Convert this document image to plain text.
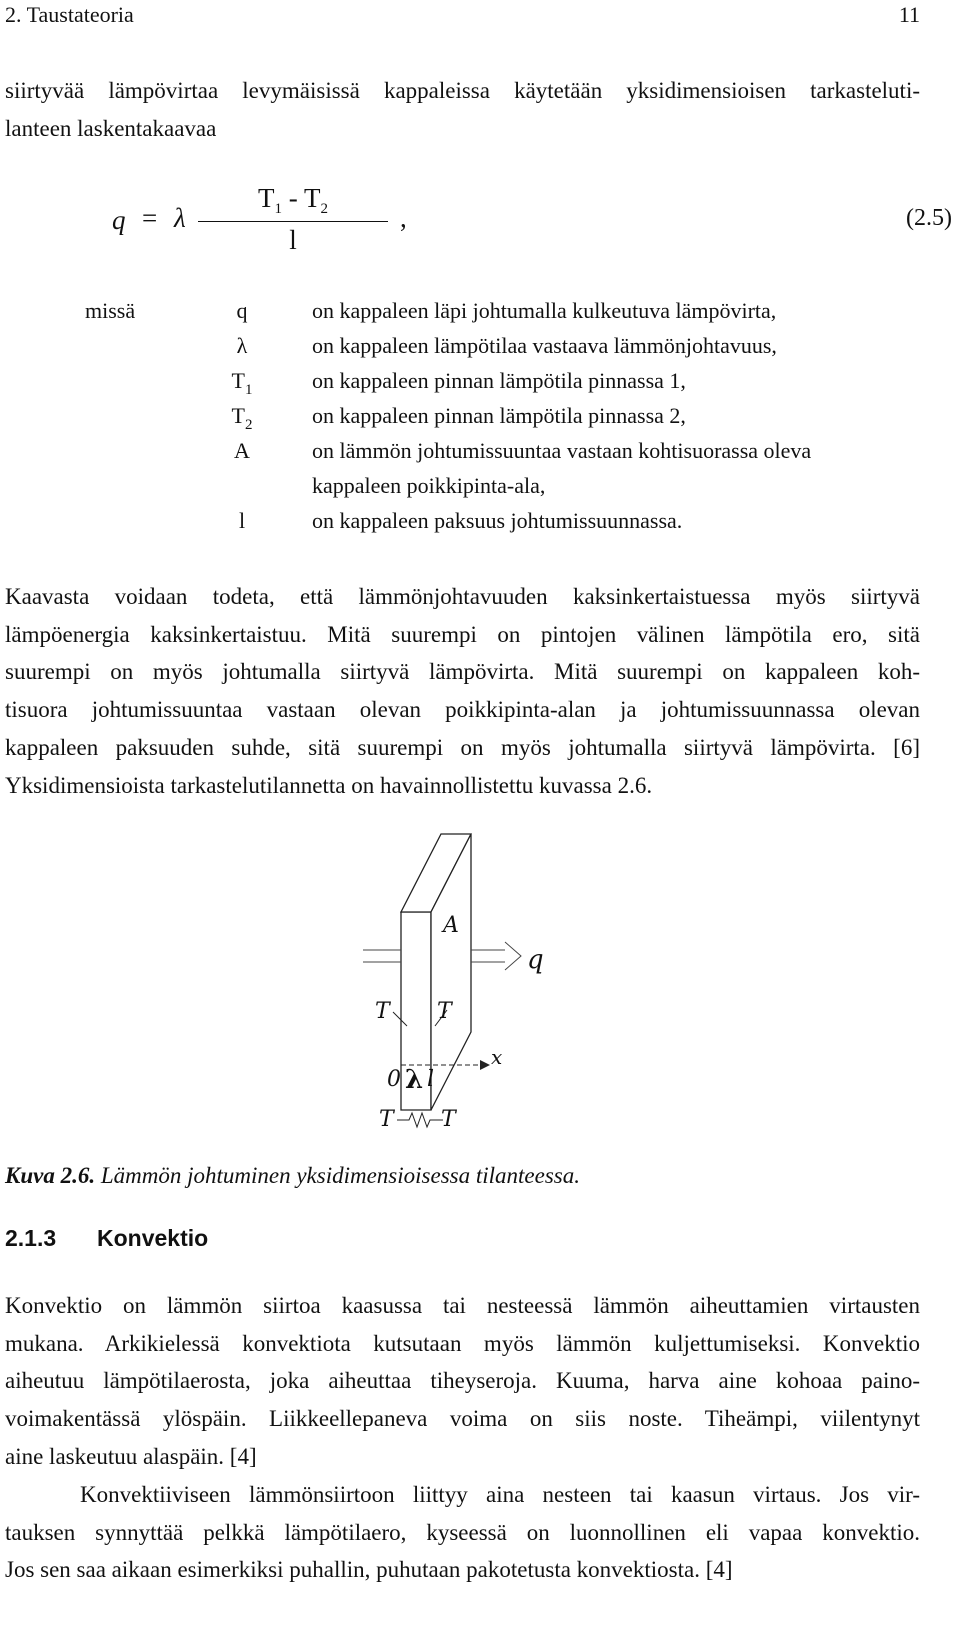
2. Taustateoria	11
siirtyvää lämpövirtaa levymäisissä kappaleissa käytetään yksidimensioisen tarkasteluti-
lanteen laskentakaavaa
q = λ
$T_1 - T_2$
l
,	(2.5)
missä	q	on kappaleen läpi johtumalla kulkeutuva lämpövirta,
λ	on kappaleen lämpötilaa vastaava lämmönjohtavuus,
$T_1$	on kappaleen pinnan lämpötila pinnassa 1,
$T_2$	on kappaleen pinnan lämpötila pinnassa 2,
A	on lämmön johtumissuuntaa vastaan kohtisuorassa oleva
kappaleen poikkipinta-ala,
l	on kappaleen paksuus johtumissuunnassa.
Kaavasta voidaan todeta, että lämmönjohtavuuden kaksinkertaistuessa myös siirtyvä
lämpöenergia kaksinkertaistuu. Mitä suurempi on pintojen välinen lämpötila ero, sitä
suurempi on myös johtumalla siirtyvä lämpövirta. Mitä suurempi on kappaleen koh-
tisuora johtumissuuntaa vastaan olevan poikkipinta-alan ja johtumissuunnassa olevan
kappaleen paksuuden suhde, sitä suurempi on myös johtumalla siirtyvä lämpövirta. [6]
Yksidimensioista tarkastelutilannetta on havainnollistettu kuvassa 2.6.
A
q
T T
x
0 λ l
T T
Kuva 2.6. Lämmön johtuminen yksidimensioisessa tilanteessa.
2.1.3 Konvektio
Konvektio on lämmön siirtoa kaasussa tai nesteessä lämmön aiheuttamien virtausten
mukana. Arkikielessä konvektiota kutsutaan myös lämmön kuljettumiseksi. Konvektio
aiheutuu lämpötilaerosta, joka aiheuttaa tiheyseroja. Kuuma, harva aine kohoaa paino-
voimakentässä ylöspäin. Liikkeellepaneva voima on siis noste. Tiheämpi, viilentynyt
aine laskeutuu alaspäin. [4]
Konvektiiviseen lämmönsiirtoon liittyy aina nesteen tai kaasun virtaus. Jos vir-
tauksen synnyttää pelkkä lämpötilaero, kyseessä on luonnollinen eli vapaa konvektio.
Jos sen saa aikaan esimerkiksi puhallin, puhutaan pakotetusta konvektiosta. [4]
